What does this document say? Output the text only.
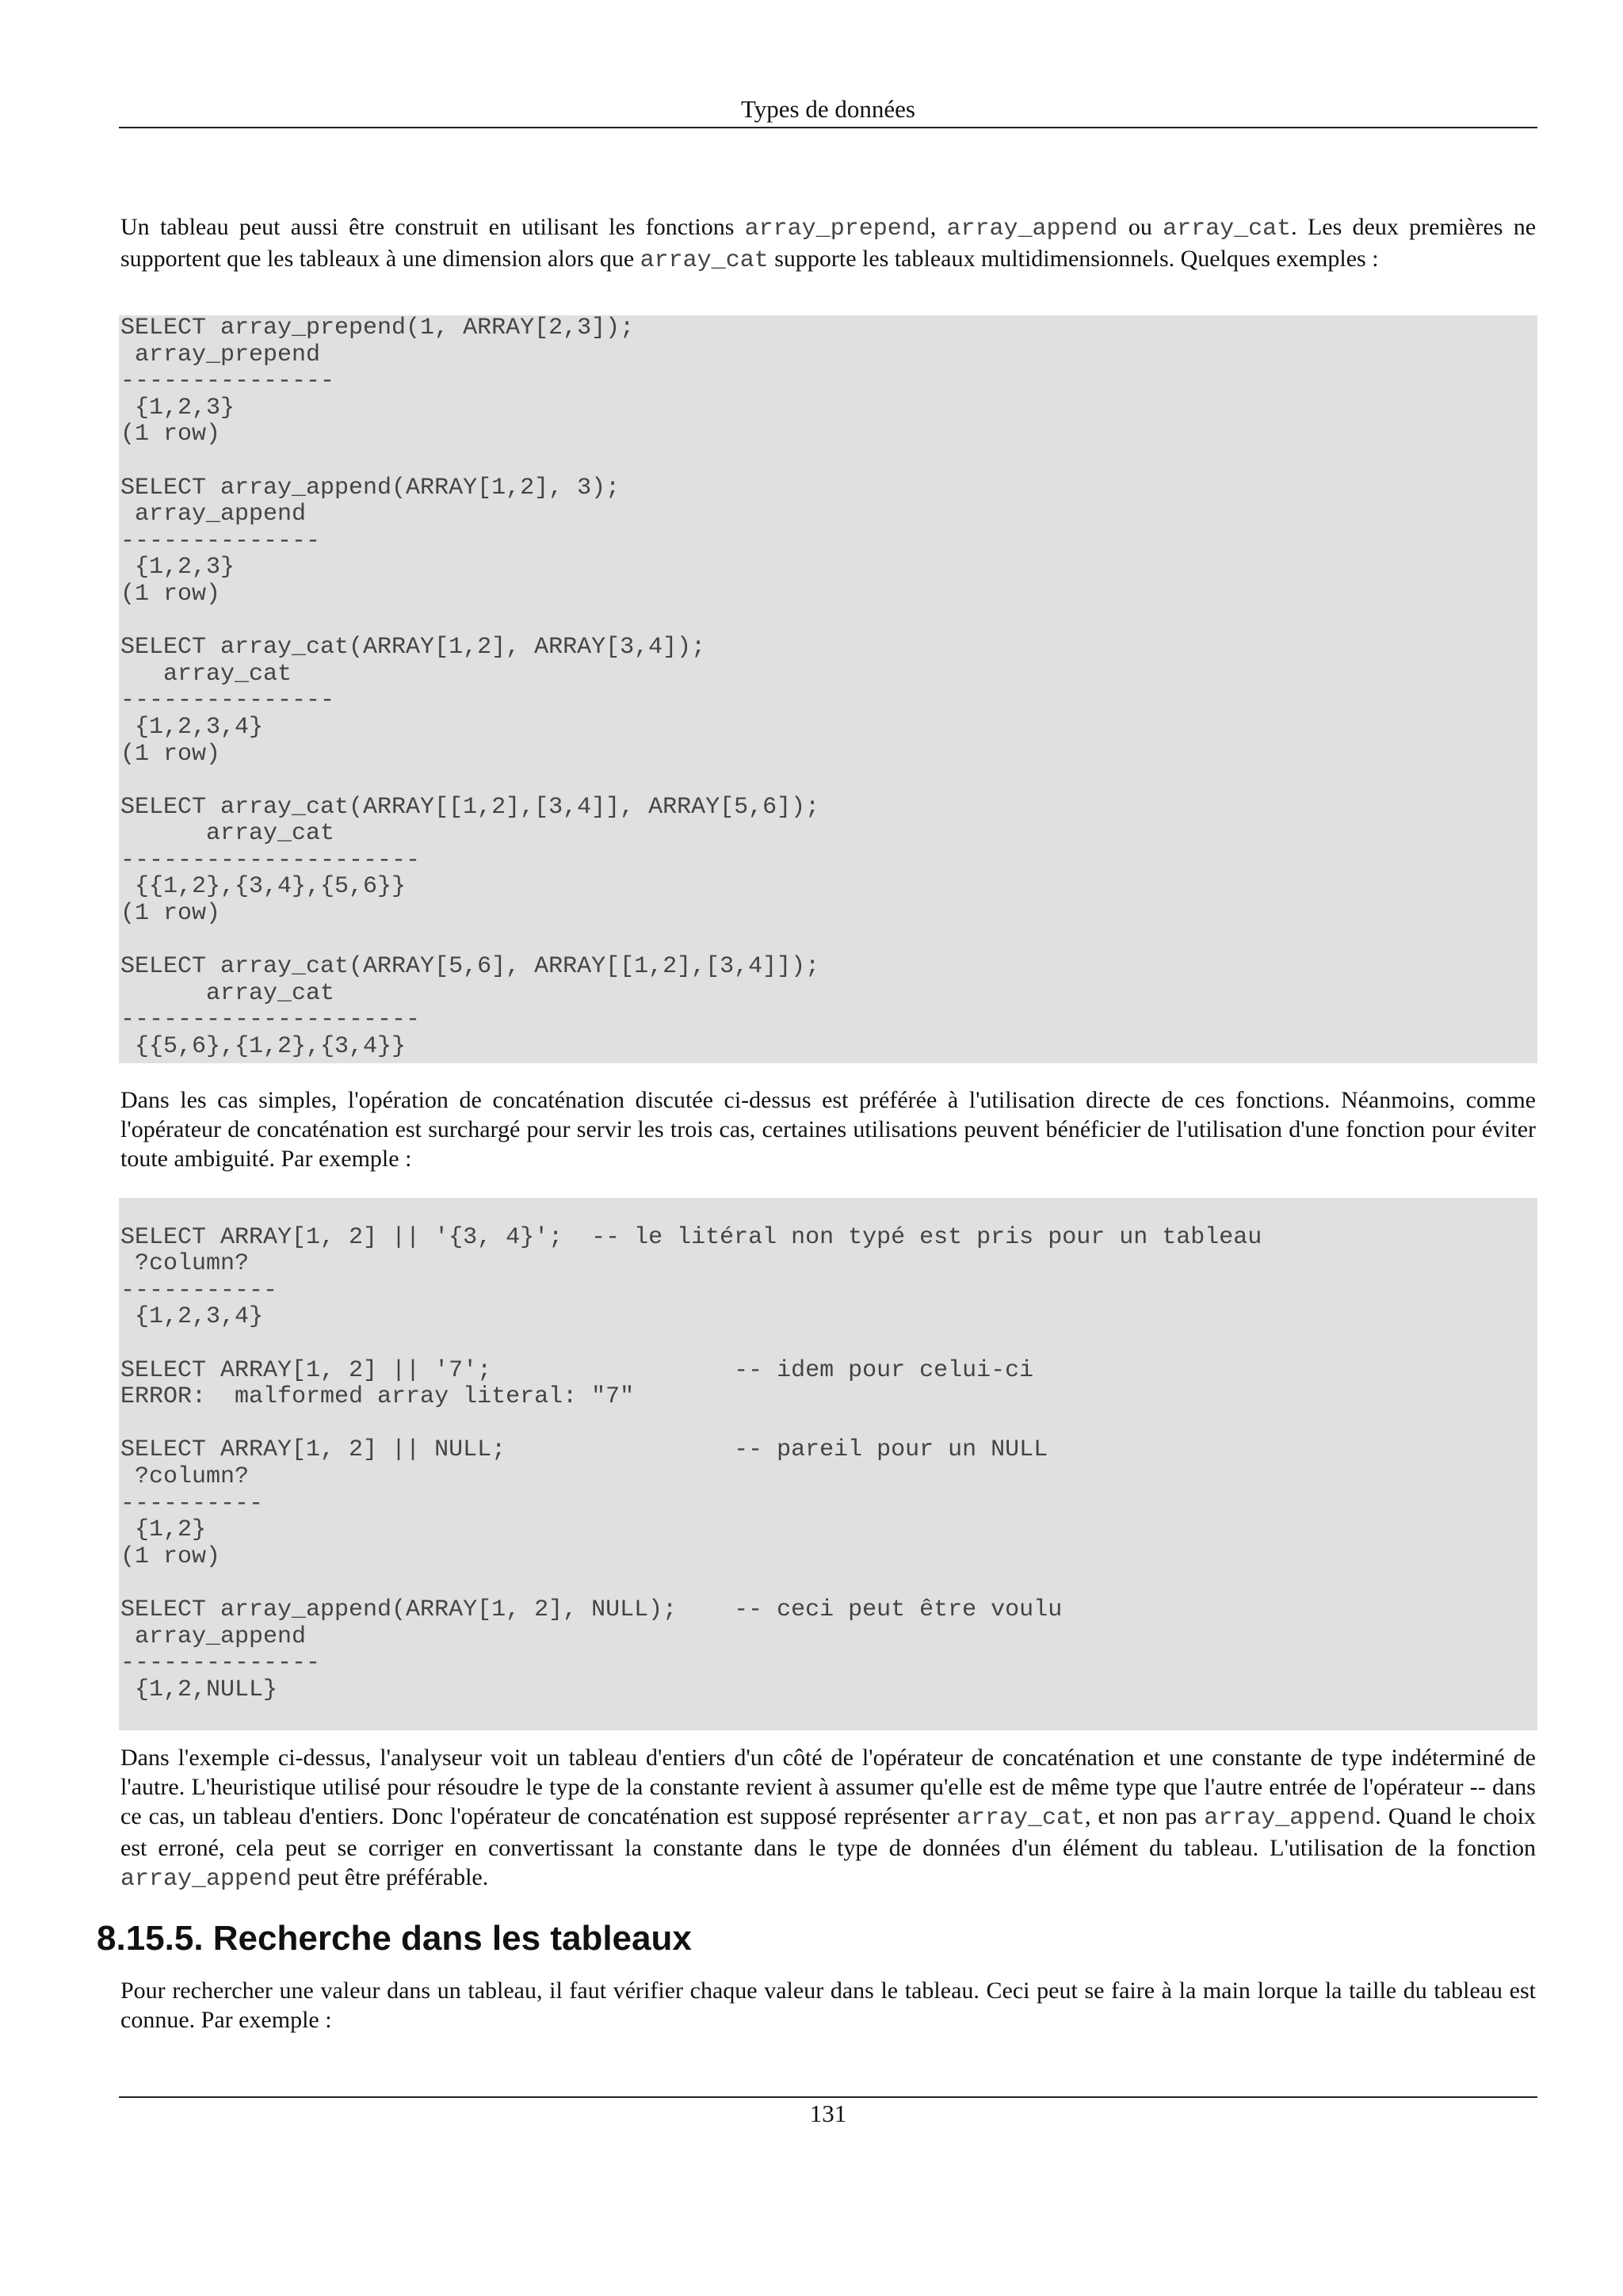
Types de données

Un tableau peut aussi être construit en utilisant les fonctions array_prepend, array_append ou array_cat. Les deux premières ne supportent que les tableaux à une dimension alors que array_cat supporte les tableaux multidimensionnels. Quelques exemples :

SELECT array_prepend(1, ARRAY[2,3]);
array_prepend
---------------
{1,2,3}
(1 row)

SELECT array_append(ARRAY[1,2], 3);
array_append
--------------
{1,2,3}
(1 row)

SELECT array_cat(ARRAY[1,2], ARRAY[3,4]);
array_cat
---------------
{1,2,3,4}
(1 row)

SELECT array_cat(ARRAY[[1,2],[3,4]], ARRAY[5,6]);
array_cat
---------------------
{{1,2},{3,4},{5,6}}
(1 row)

SELECT array_cat(ARRAY[5,6], ARRAY[[1,2],[3,4]]);
array_cat
---------------------
{{5,6},{1,2},{3,4}}

Dans les cas simples, l'opération de concaténation discutée ci-dessus est préférée à l'utilisation directe de ces fonctions. Néanmoins, comme l'opérateur de concaténation est surchargé pour servir les trois cas, certaines utilisations peuvent bénéficier de l'utilisation d'une fonction pour éviter toute ambiguité. Par exemple :

SELECT ARRAY[1, 2] || '{3, 4}';  -- le litéral non typé est pris pour un tableau
?column?
-----------
{1,2,3,4}

SELECT ARRAY[1, 2] || '7';                 -- idem pour celui-ci
ERROR:  malformed array literal: "7"

SELECT ARRAY[1, 2] || NULL;                -- pareil pour un NULL
?column?
----------
{1,2}
(1 row)

SELECT array_append(ARRAY[1, 2], NULL);    -- ceci peut être voulu
array_append
--------------
{1,2,NULL}

Dans l'exemple ci-dessus, l'analyseur voit un tableau d'entiers d'un côté de l'opérateur de concaténation et une constante de type indéterminé de l'autre. L'heuristique utilisé pour résoudre le type de la constante revient à assumer qu'elle est de même type que l'autre entrée de l'opérateur -- dans ce cas, un tableau d'entiers. Donc l'opérateur de concaténation est supposé représenter array_cat, et non pas array_append. Quand le choix est erroné, cela peut se corriger en convertissant la constante dans le type de données d'un élément du tableau. L'utilisation de la fonction array_append peut être préférable.

8.15.5. Recherche dans les tableaux

Pour rechercher une valeur dans un tableau, il faut vérifier chaque valeur dans le tableau. Ceci peut se faire à la main lorque la taille du tableau est connue. Par exemple :

131
